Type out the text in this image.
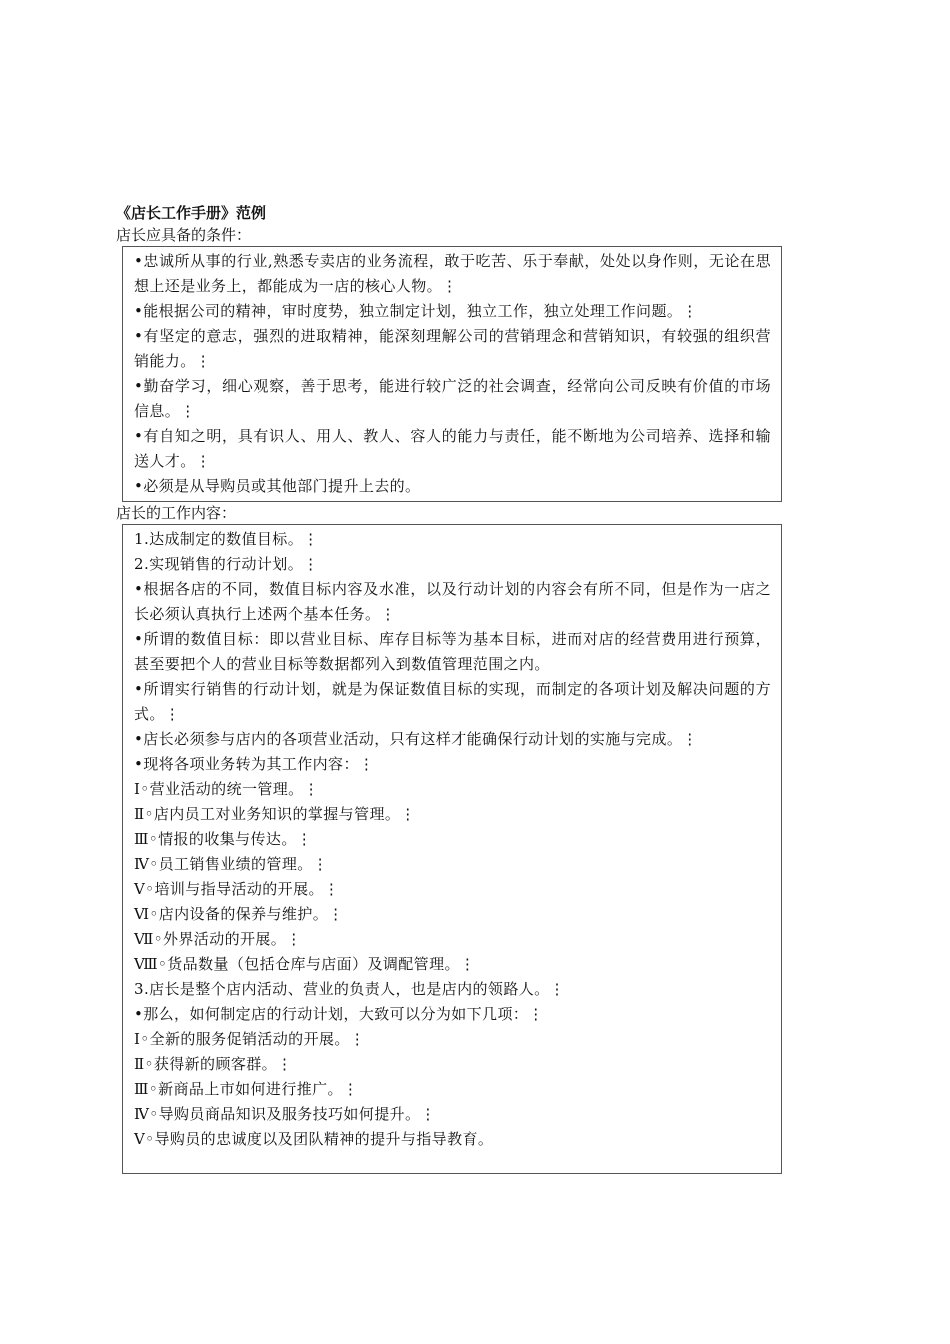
《店长工作手册》范例
店长应具备的条件：

•忠诚所从事的行业,熟悉专卖店的业务流程，敢于吃苦、乐于奉献，处处以身作则，无论在思想上还是业务上，都能成为一店的核心人物。⋮

•能根据公司的精神，审时度势，独立制定计划，独立工作，独立处理工作问题。⋮

•有坚定的意志，强烈的进取精神，能深刻理解公司的营销理念和营销知识，有较强的组织营销能力。⋮

•勤奋学习，细心观察，善于思考，能进行较广泛的社会调查，经常向公司反映有价值的市场信息。⋮

•有自知之明，具有识人、用人、教人、容人的能力与责任，能不断地为公司培养、选择和输送人才。⋮

•必须是从导购员或其他部门提升上去的。

店长的工作内容：

1.达成制定的数值目标。⋮

2.实现销售的行动计划。⋮

•根据各店的不同，数值目标内容及水准，以及行动计划的内容会有所不同，但是作为一店之长必须认真执行上述两个基本任务。⋮

•所谓的数值目标：即以营业目标、库存目标等为基本目标，进而对店的经营费用进行预算，甚至要把个人的营业目标等数据都列入到数值管理范围之内。

•所谓实行销售的行动计划，就是为保证数值目标的实现，而制定的各项计划及解决问题的方式。⋮

•店长必须参与店内的各项营业活动，只有这样才能确保行动计划的实施与完成。⋮

•现将各项业务转为其工作内容：⋮

Ⅰ◦营业活动的统一管理。⋮

Ⅱ◦店内员工对业务知识的掌握与管理。⋮

Ⅲ◦情报的收集与传达。⋮

Ⅳ◦员工销售业绩的管理。⋮

Ⅴ◦培训与指导活动的开展。⋮

Ⅵ◦店内设备的保养与维护。⋮

Ⅶ◦外界活动的开展。⋮

Ⅷ◦货品数量（包括仓库与店面）及调配管理。⋮

3.店长是整个店内活动、营业的负责人，也是店内的领路人。⋮

•那么，如何制定店的行动计划，大致可以分为如下几项：⋮

Ⅰ◦全新的服务促销活动的开展。⋮

Ⅱ◦获得新的顾客群。⋮

Ⅲ◦新商品上市如何进行推广。⋮

Ⅳ◦导购员商品知识及服务技巧如何提升。⋮

Ⅴ◦导购员的忠诚度以及团队精神的提升与指导教育。
